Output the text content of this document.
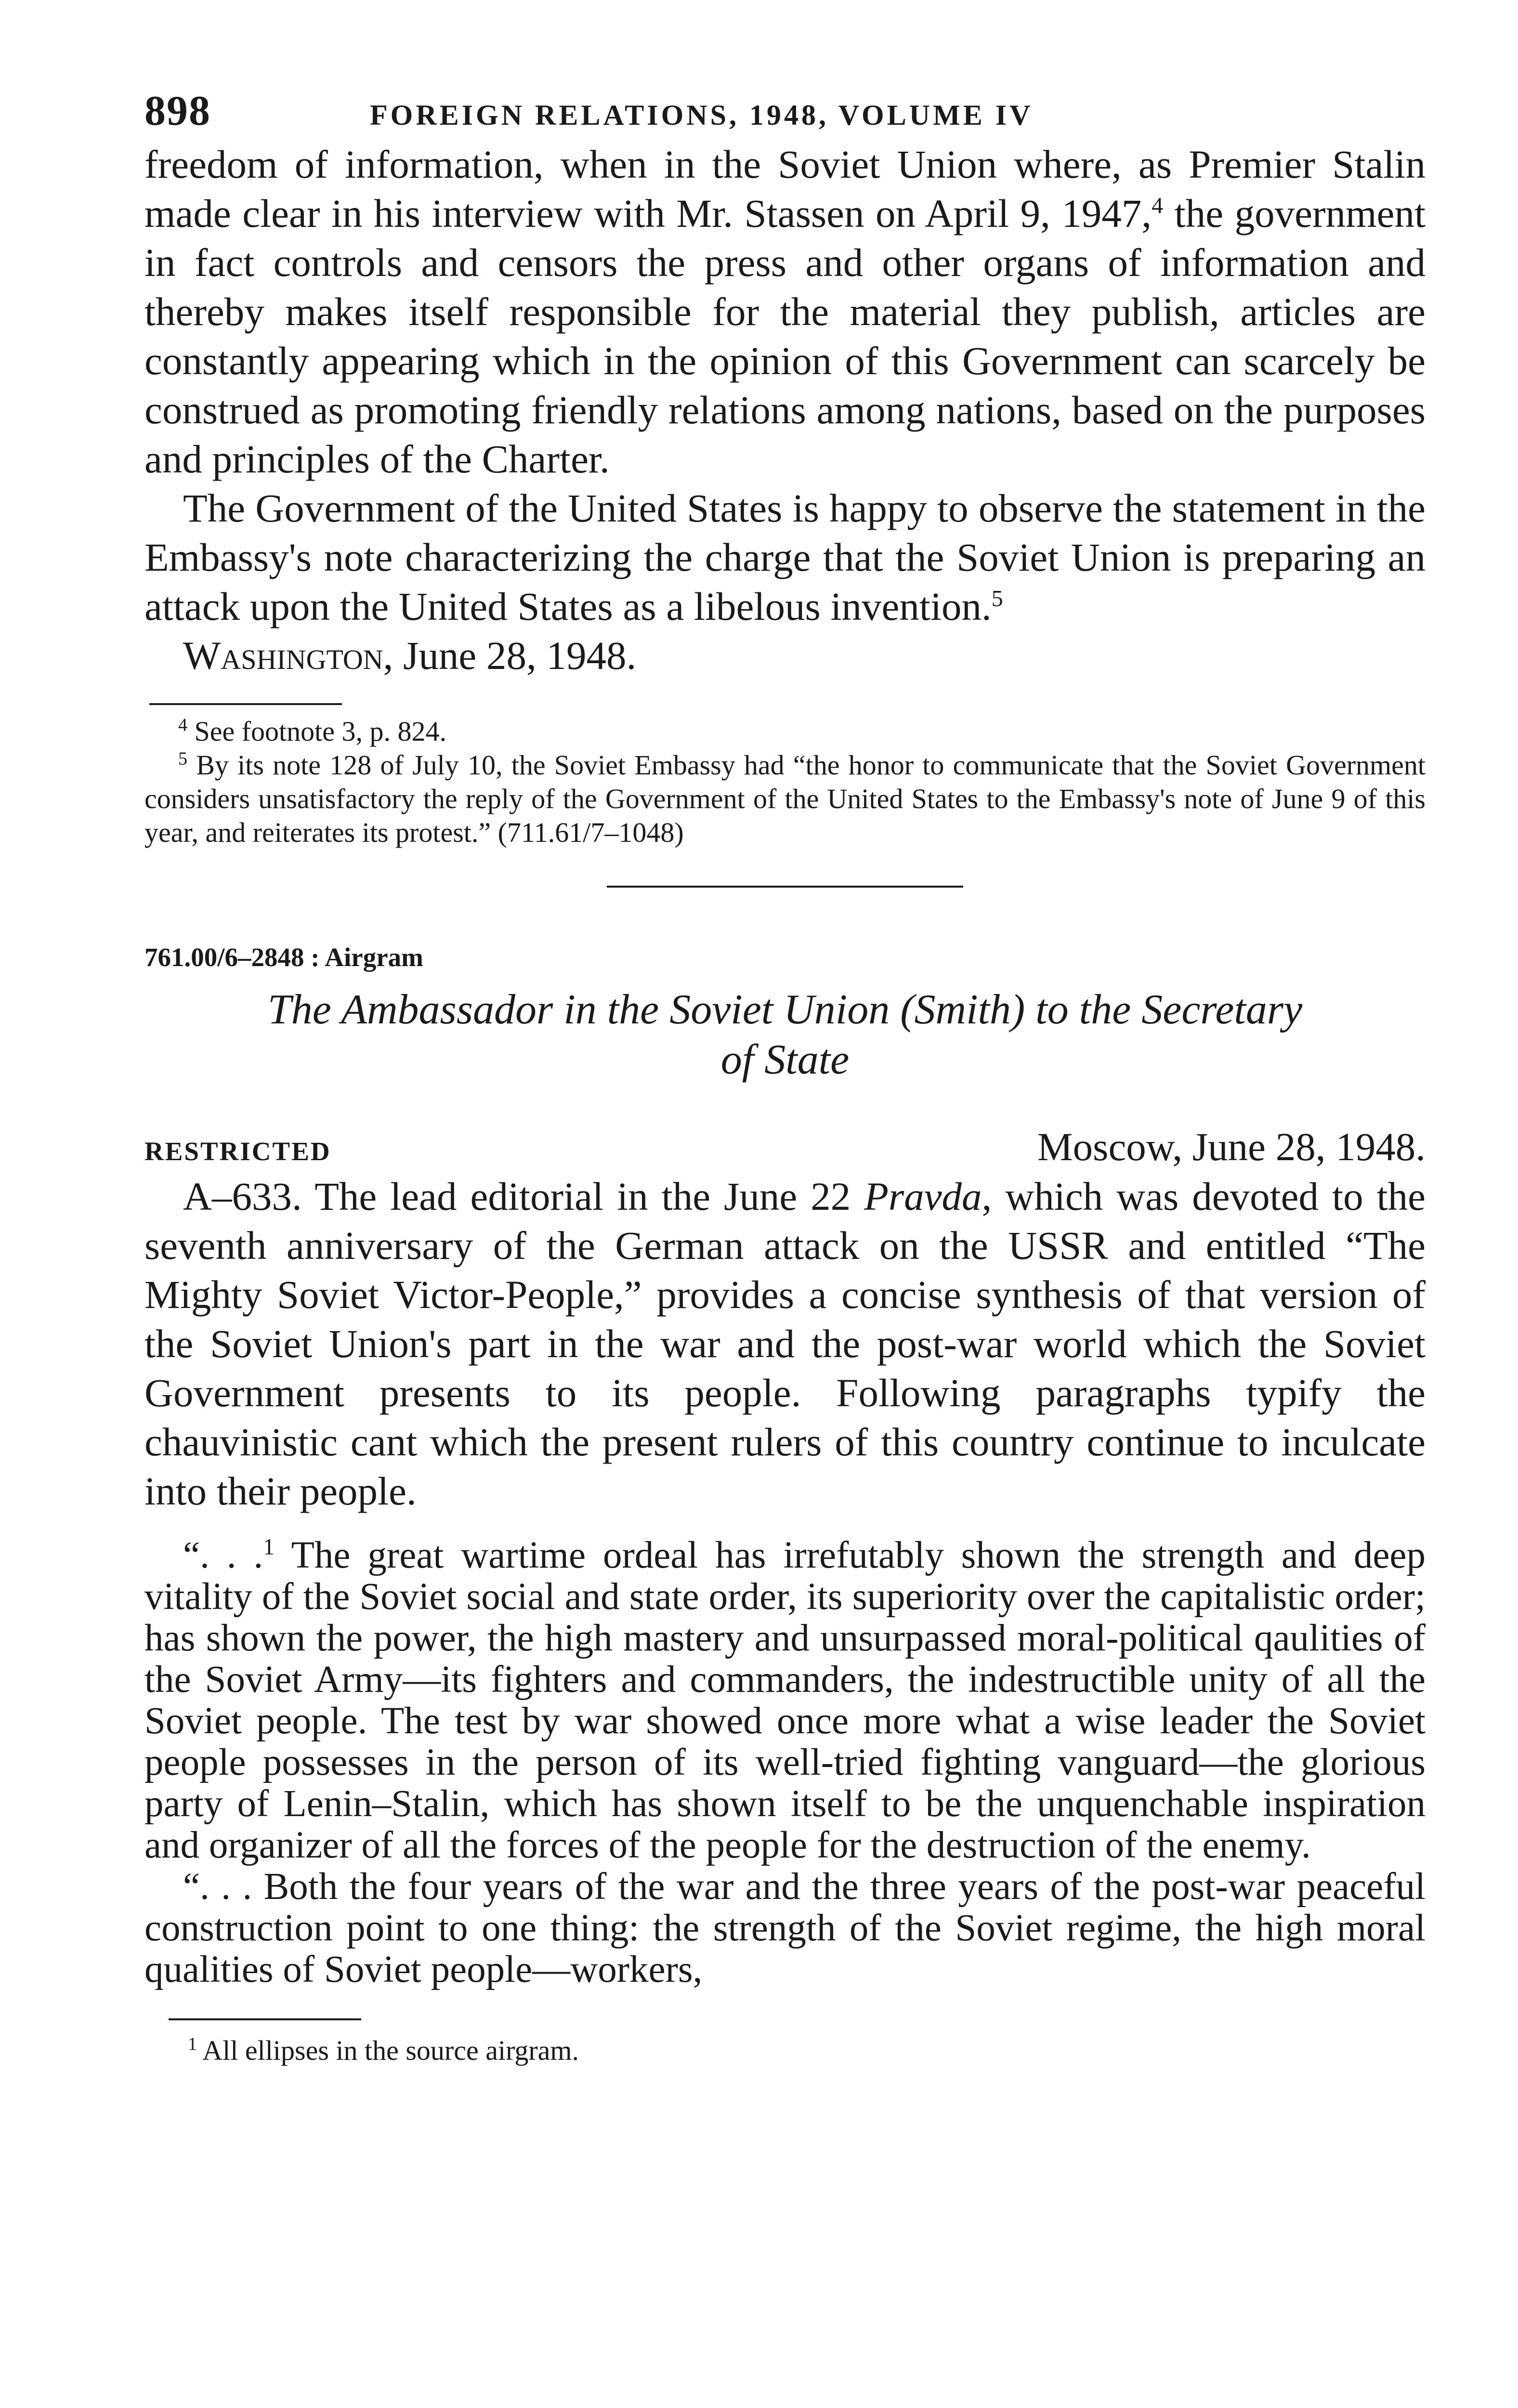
898	FOREIGN RELATIONS, 1948, VOLUME IV

freedom of information, when in the Soviet Union where, as Premier Stalin made clear in his interview with Mr. Stassen on April 9, 1947,$^4$ the government in fact controls and censors the press and other organs of information and thereby makes itself responsible for the material they publish, articles are constantly appearing which in the opinion of this Government can scarcely be construed as promoting friendly relations among nations, based on the purposes and principles of the Charter.

The Government of the United States is happy to observe the statement in the Embassy's note characterizing the charge that the Soviet Union is preparing an attack upon the United States as a libelous invention.$^5$

Washington, June 28, 1948.

$^4$ See footnote 3, p. 824.

$^5$ By its note 128 of July 10, the Soviet Embassy had “the honor to communicate that the Soviet Government considers unsatisfactory the reply of the Government of the United States to the Embassy's note of June 9 of this year, and reiterates its protest.” (711.61/7–1048)

761.00/6–2848 : Airgram
The Ambassador in the Soviet Union (Smith) to the Secretary
of State
RESTRICTED	Moscow, June 28, 1948.

A–633. The lead editorial in the June 22 Pravda, which was devoted to the seventh anniversary of the German attack on the USSR and entitled “The Mighty Soviet Victor-People,” provides a concise synthesis of that version of the Soviet Union's part in the war and the post-war world which the Soviet Government presents to its people. Following paragraphs typify the chauvinistic cant which the present rulers of this country continue to inculcate into their people.

“. . .$^1$ The great wartime ordeal has irrefutably shown the strength and deep vitality of the Soviet social and state order, its superiority over the capitalistic order; has shown the power, the high mastery and unsurpassed moral-political qaulities of the Soviet Army—its fighters and commanders, the indestructible unity of all the Soviet people. The test by war showed once more what a wise leader the Soviet people possesses in the person of its well-tried fighting vanguard—the glorious party of Lenin–Stalin, which has shown itself to be the unquenchable inspiration and organizer of all the forces of the people for the destruction of the enemy.

“. . . Both the four years of the war and the three years of the post-war peaceful construction point to one thing: the strength of the Soviet regime, the high moral qualities of Soviet people—workers,

$^1$ All ellipses in the source airgram.
